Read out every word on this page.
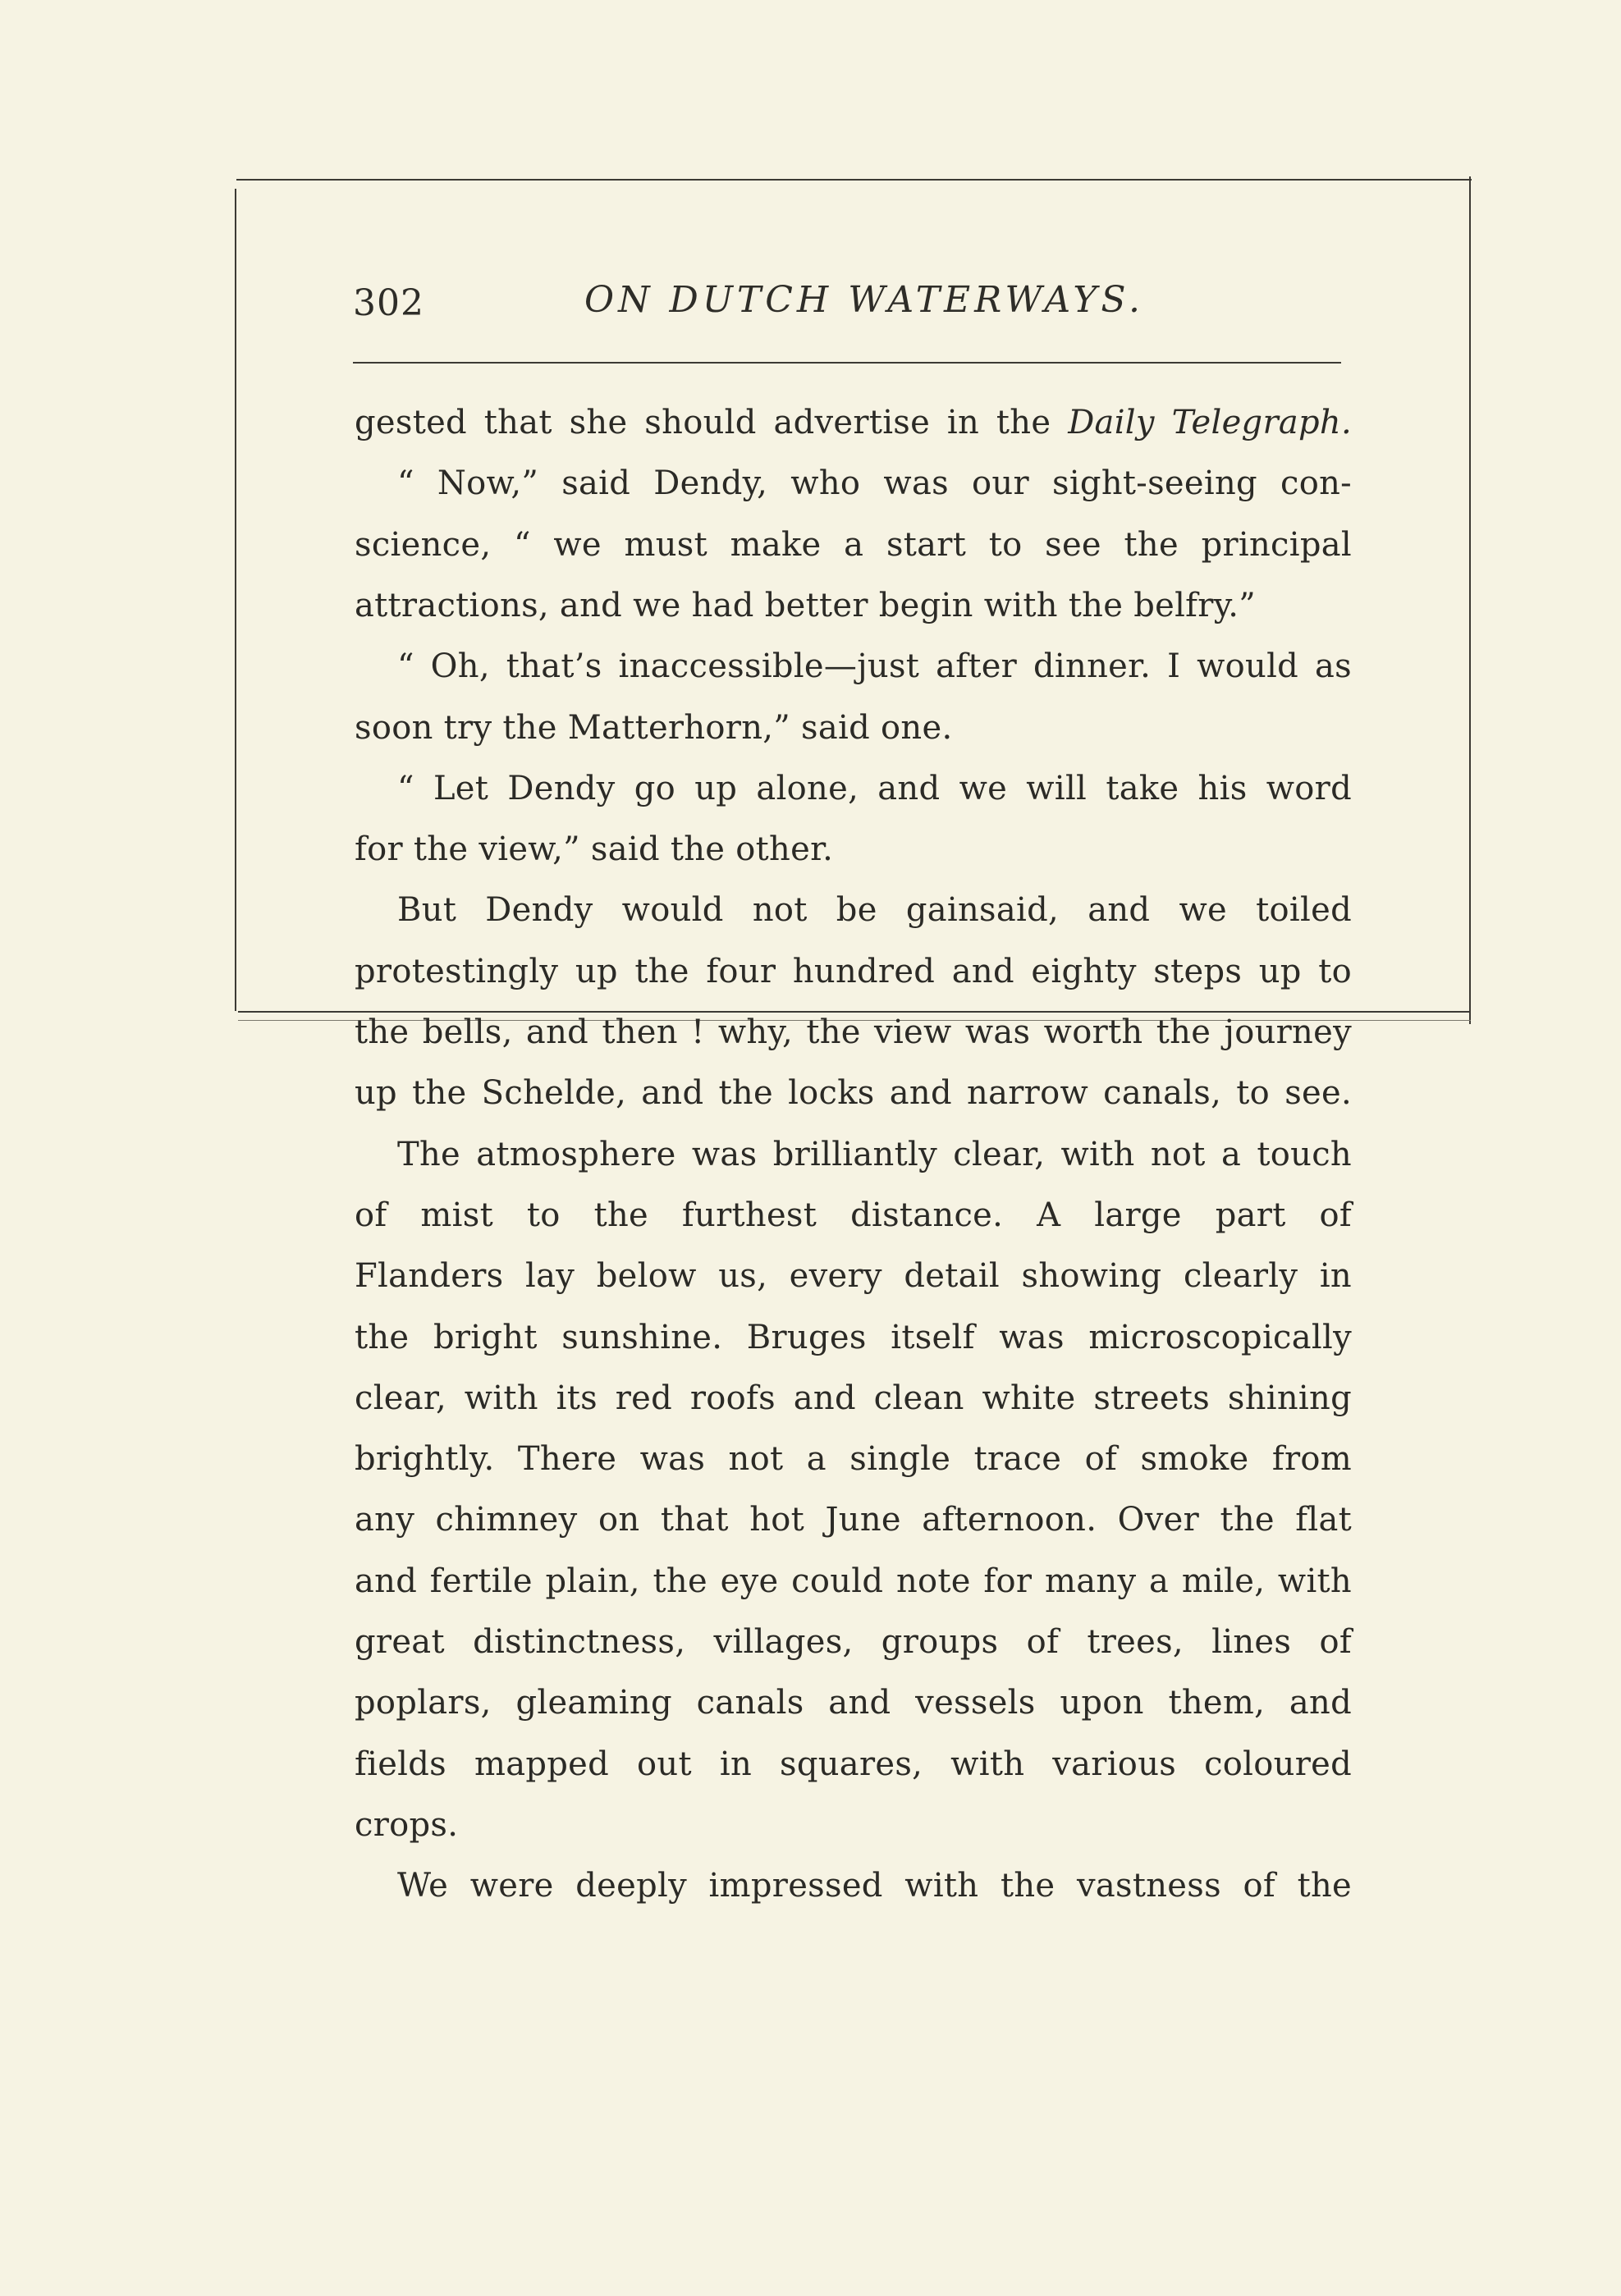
302	ON DUTCH WATERWAYS.
gested that she should advertise in the Daily Telegraph.
“ Now,” said Dendy, who was our sight-seeing con-
science, “ we must make a start to see the principal
attractions, and we had better begin with the belfry.”
“ Oh, that’s inaccessible—just after dinner. I would as
soon try the Matterhorn,” said one.
“ Let Dendy go up alone, and we will take his word
for the view,” said the other.
But Dendy would not be gainsaid, and we toiled
protestingly up the four hundred and eighty steps up to
the bells, and then ! why, the view was worth the journey
up the Schelde, and the locks and narrow canals, to see.
The atmosphere was brilliantly clear, with not a touch
of mist to the furthest distance. A large part of
Flanders lay below us, every detail showing clearly in
the bright sunshine. Bruges itself was microscopically
clear, with its red roofs and clean white streets shining
brightly. There was not a single trace of smoke from
any chimney on that hot June afternoon. Over the flat
and fertile plain, the eye could note for many a mile, with
great distinctness, villages, groups of trees, lines of
poplars, gleaming canals and vessels upon them, and
fields mapped out in squares, with various coloured
crops.
We were deeply impressed with the vastness of the
